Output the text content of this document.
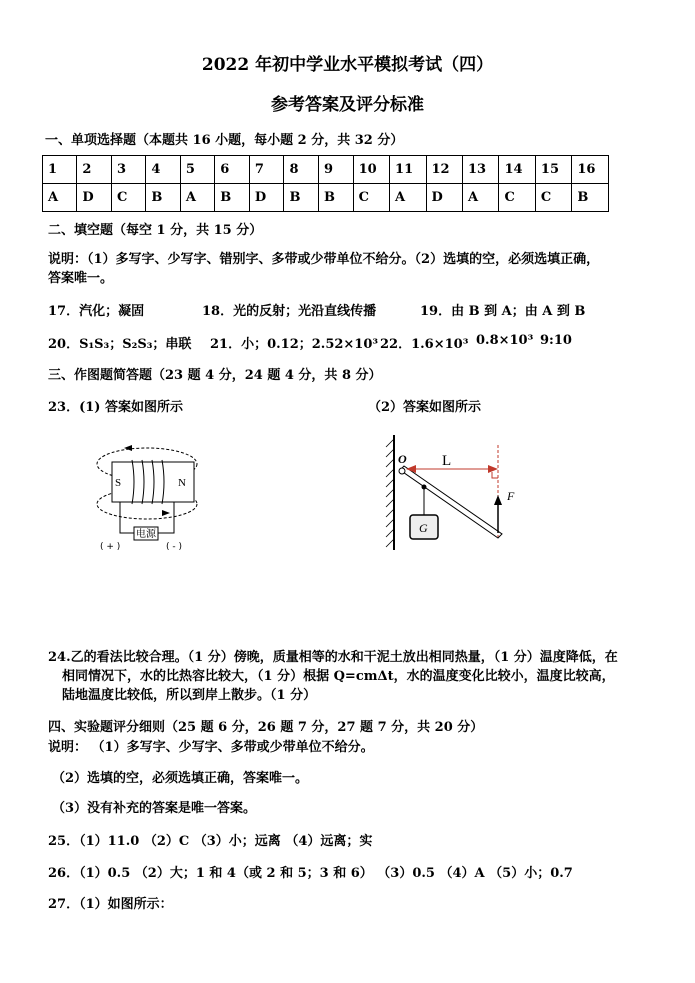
2022 年初中学业水平模拟考试（四）
参考答案及评分标准
一、单项选择题（本题共 16 小题，每小题 2 分，共 32 分）
1	2	3	4	5	6	7	8	9	10	11	12	13	14	15	16
A	D	C	B	A	B	D	B	B	C	A	D	A	C	C	B
二、填空题（每空 1 分，共 15 分）
说明：（1）多写字、少写字、错别字、多带或少带单位不给分。（2）选填的空，必须选填正确，
答案唯一。
17．汽化；凝固	18．光的反射；光沿直线传播	19．由 B 到 A；由 A 到 B
20．S₁S₃；S₂S₃；串联 21．小；0.12；2.52×10³ 22．1.6×10³ 0.8×10³ 9:10
三、作图题简答题（23 题 4 分，24 题 4 分，共 8 分）
23．(1) 答案如图所示	（2）答案如图所示
S	N
电源
( + )	( - )
G
O L
F
24.乙的看法比较合理。（1 分）傍晚，质量相等的水和干泥土放出相同热量，（1 分）温度降低，在
相同情况下，水的比热容比较大，（1 分）根据 Q=cmΔt，水的温度变化比较小，温度比较高，
陆地温度比较低，所以到岸上散步。（1 分）
四、实验题评分细则（25 题 6 分，26 题 7 分，27 题 7 分，共 20 分）
说明： （1）多写字、少写字、多带或少带单位不给分。
（2）选填的空，必须选填正确，答案唯一。
（3）没有补充的答案是唯一答案。
25．（1）11.0 （2）C （3）小；远离 （4）远离；实
26．（1）0.5 （2）大；1 和 4（或 2 和 5；3 和 6） （3）0.5 （4）A （5）小；0.7
27．（1）如图所示：
